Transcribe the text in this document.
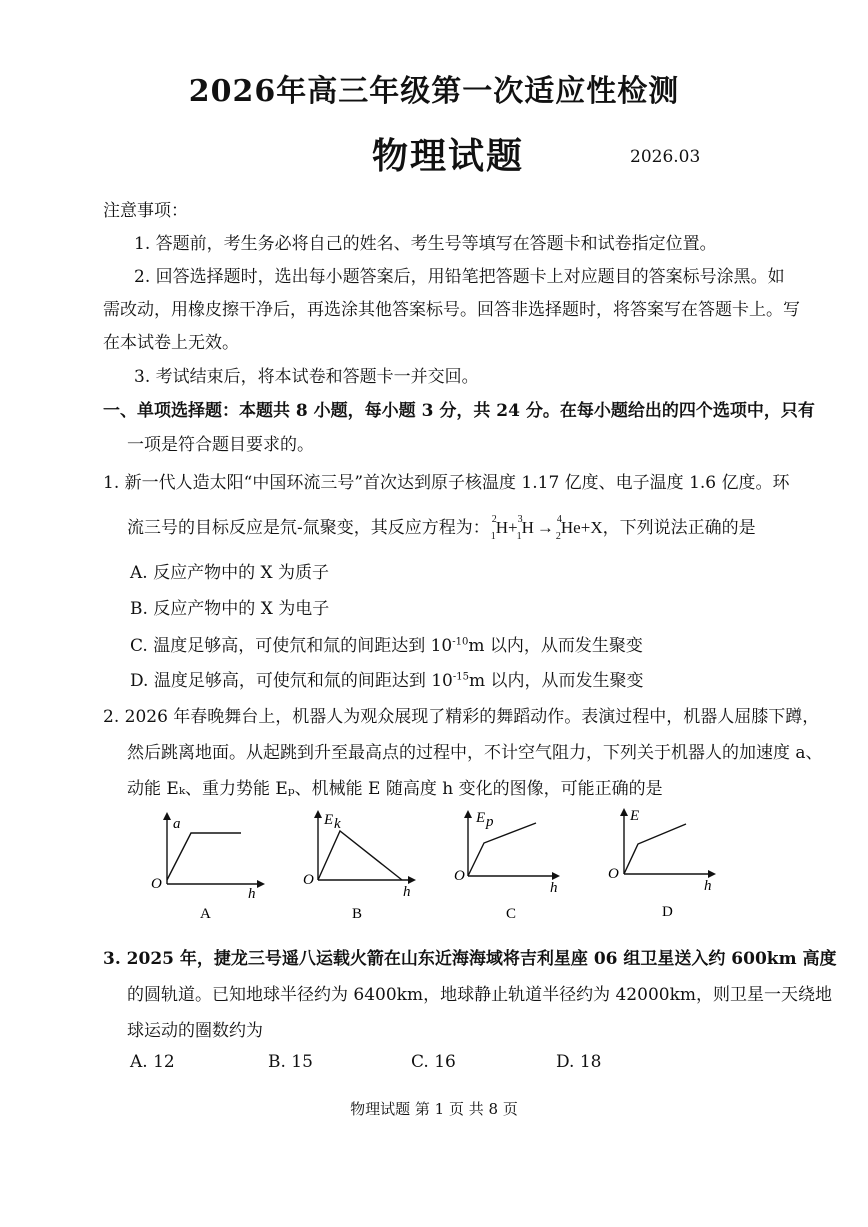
2026年高三年级第一次适应性检测
物理试题	2026.03
注意事项：
1. 答题前，考生务必将自己的姓名、考生号等填写在答题卡和试卷指定位置。
2. 回答选择题时，选出每小题答案后，用铅笔把答题卡上对应题目的答案标号涂黑。如
需改动，用橡皮擦干净后，再选涂其他答案标号。回答非选择题时，将答案写在答题卡上。写
在本试卷上无效。
3. 考试结束后，将本试卷和答题卡一并交回。
一、单项选择题：本题共 8 小题，每小题 3 分，共 24 分。在每小题给出的四个选项中，只有
一项是符合题目要求的。
1. 新一代人造太阳“中国环流三号”首次达到原子核温度 1.17 亿度、电子温度 1.6 亿度。环
流三号的目标反应是氘-氚聚变，其反应方程为： $^2_1$H+$^3_1$H → $^4_2$He+X，下列说法正确的是
A. 反应产物中的 X 为质子
B. 反应产物中的 X 为电子
C. 温度足够高，可使氘和氚的间距达到 $10^{-10}m$ 以内，从而发生聚变
D. 温度足够高，可使氘和氚的间距达到 $10^{-15}m$ 以内，从而发生聚变
2. 2026 年春晚舞台上，机器人为观众展现了精彩的舞蹈动作。表演过程中，机器人屈膝下蹲，
然后跳离地面。从起跳到升至最高点的过程中，不计空气阻力，下列关于机器人的加速度 a、
动能 Eₖ、重力势能 Eₚ、机械能 E 随高度 h 变化的图像，可能正确的是
a
O
h
A
E k
O
h
B
E p
O
h
C
E
O
h
D
3. 2025 年，捷龙三号遥八运载火箭在山东近海海域将吉利星座 06 组卫星送入约 600km 高度
的圆轨道。已知地球半径约为 6400km，地球静止轨道半径约为 42000km，则卫星一天绕地
球运动的圈数约为
A. 12	B. 15	C. 16	D. 18
物理试题 第 1 页 共 8 页
